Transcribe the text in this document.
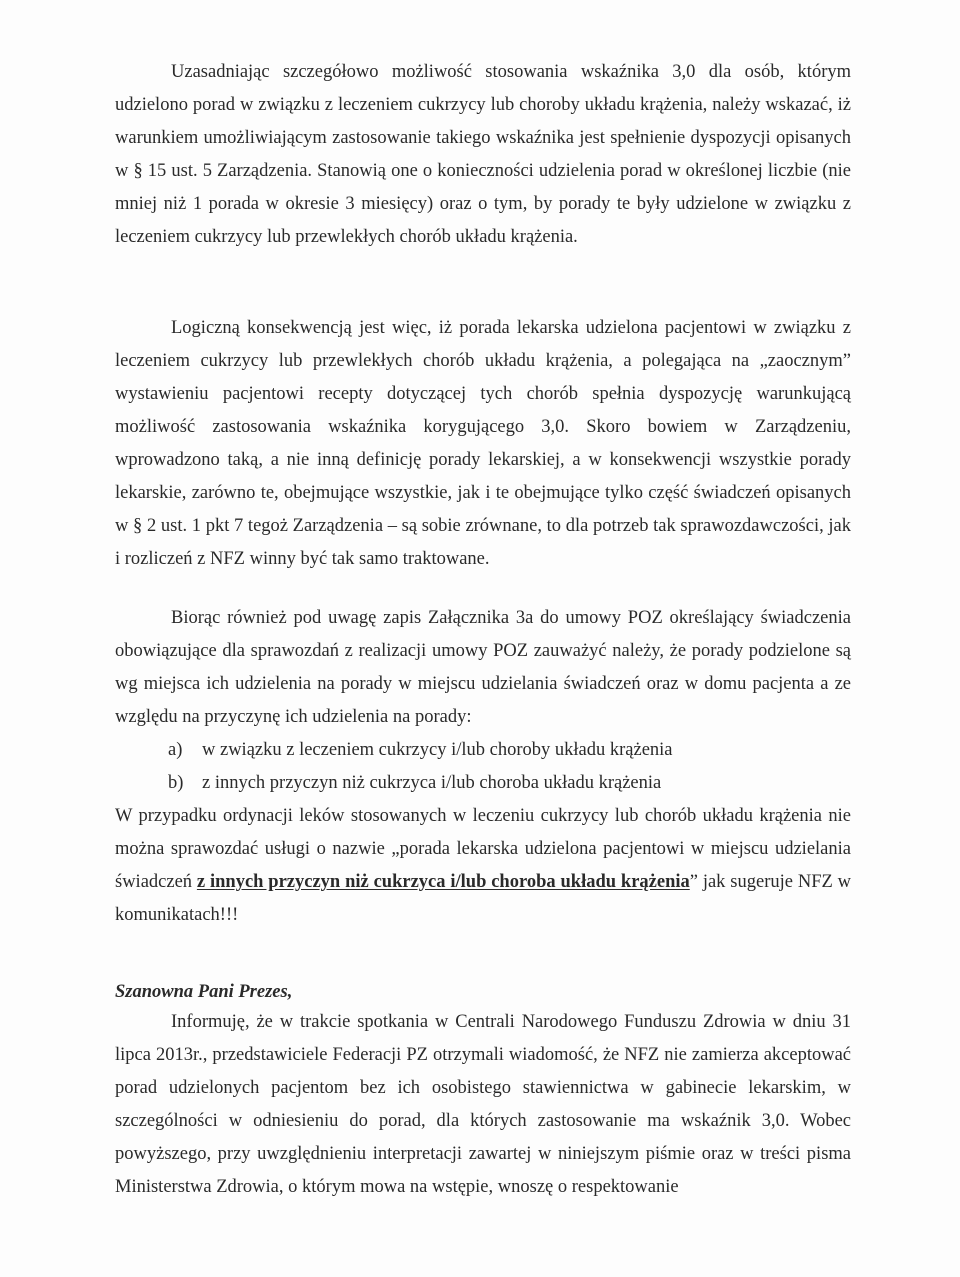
Uzasadniając szczegółowo możliwość stosowania wskaźnika 3,0 dla osób, którym udzielono porad w związku z leczeniem cukrzycy lub choroby układu krążenia, należy wskazać, iż warunkiem umożliwiającym zastosowanie takiego wskaźnika jest spełnienie dyspozycji opisanych w § 15 ust. 5 Zarządzenia. Stanowią one o konieczności udzielenia porad w określonej liczbie (nie mniej niż 1 porada w okresie 3 miesięcy) oraz o tym, by porady te były udzielone w związku z leczeniem cukrzycy lub przewlekłych chorób układu krążenia.

Logiczną konsekwencją jest więc, iż porada lekarska udzielona pacjentowi w związku z leczeniem cukrzycy lub przewlekłych chorób układu krążenia, a polegająca na „zaocznym” wystawieniu pacjentowi recepty dotyczącej tych chorób spełnia dyspozycję warunkującą możliwość zastosowania wskaźnika korygującego 3,0. Skoro bowiem w Zarządzeniu, wprowadzono taką, a nie inną definicję porady lekarskiej, a w konsekwencji wszystkie porady lekarskie, zarówno te, obejmujące wszystkie, jak i te obejmujące tylko część świadczeń opisanych w § 2 ust. 1 pkt 7 tegoż Zarządzenia – są sobie zrównane, to dla potrzeb tak sprawozdawczości, jak i rozliczeń z NFZ winny być tak samo traktowane.

Biorąc również pod uwagę zapis Załącznika 3a do umowy POZ określający świadczenia obowiązujące dla sprawozdań z realizacji umowy POZ zauważyć należy, że porady podzielone są wg miejsca ich udzielenia na porady w miejscu udzielania świadczeń oraz w domu pacjenta a ze względu na przyczynę ich udzielenia na porady:

a)	w związku z leczeniem cukrzycy i/lub choroby układu krążenia
b)	z innych przyczyn niż cukrzyca i/lub choroba układu krążenia

W przypadku ordynacji leków stosowanych w leczeniu cukrzycy lub chorób układu krążenia nie można sprawozdać usługi o nazwie „porada lekarska udzielona pacjentowi w miejscu udzielania świadczeń z innych przyczyn niż cukrzyca i/lub choroba układu krążenia” jak sugeruje NFZ w komunikatach!!!

Szanowna Pani Prezes,

Informuję, że w trakcie spotkania w Centrali Narodowego Funduszu Zdrowia w dniu 31 lipca 2013r., przedstawiciele Federacji PZ otrzymali wiadomość, że NFZ nie zamierza akceptować porad udzielonych pacjentom bez ich osobistego stawiennictwa w gabinecie lekarskim, w szczególności w odniesieniu do porad, dla których zastosowanie ma wskaźnik 3,0. Wobec powyższego, przy uwzględnieniu interpretacji zawartej w niniejszym piśmie oraz w treści pisma Ministerstwa Zdrowia, o którym mowa na wstępie, wnoszę o respektowanie
